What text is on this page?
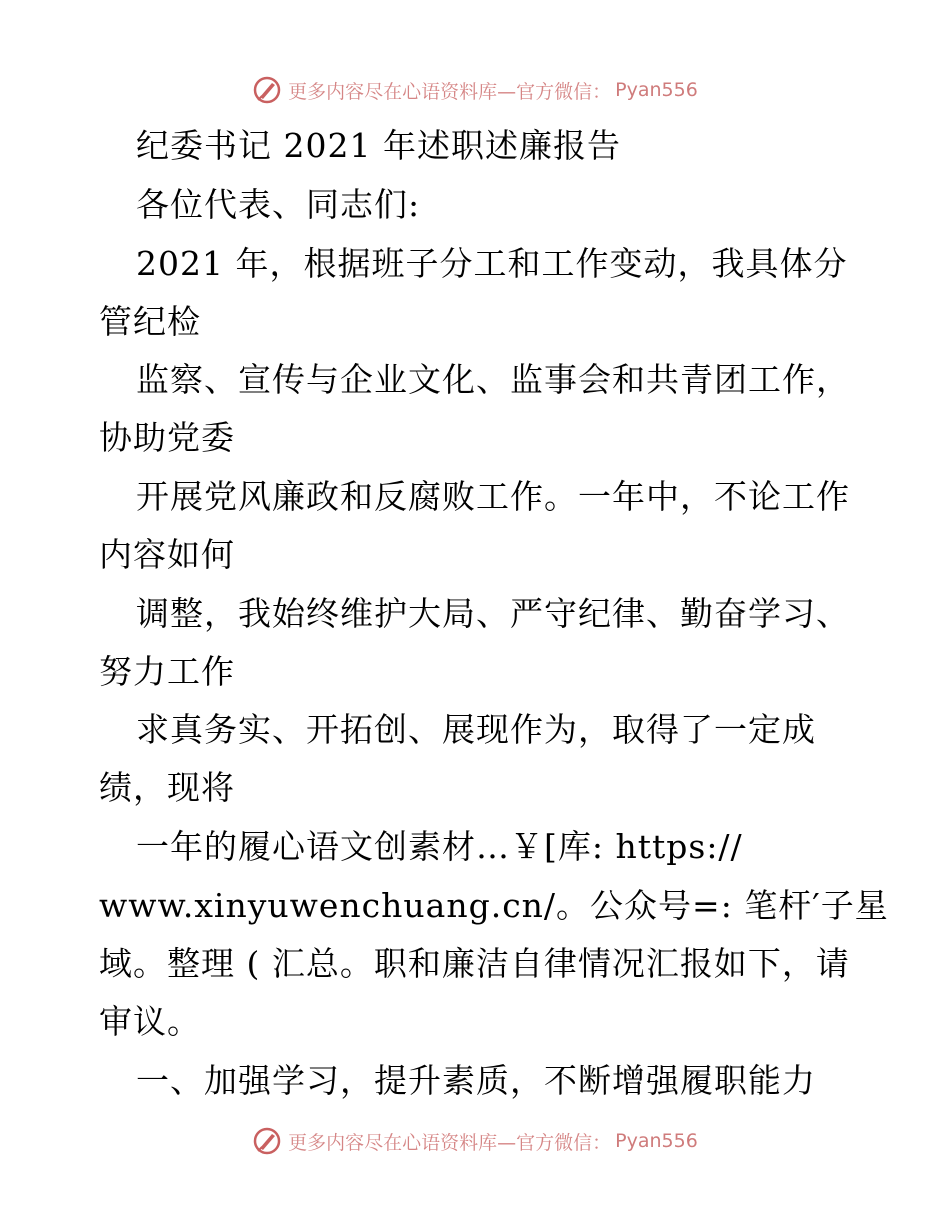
更多内容尽在心语资料库—官方微信： Pyan556
纪委书记 2021 年述职述廉报告
各位代表、同志们:
2021 年，根据班子分工和工作变动，我具体分
管纪检
监察、宣传与企业文化、监事会和共青团工作，
协助党委
开展党风廉政和反腐败工作。一年中，不论工作
内容如何
调整，我始终维护大局、严守纪律、勤奋学习、
努力工作
求真务实、开拓创、展现作为，取得了一定成
绩，现将
一年的履心语文创素材…￥[库: https://
www.xinyuwenchuang.cn/。公众号=: 笔杆′子星
域。整理 ( 汇总。职和廉洁自律情况汇报如下，请
审议。
一、加强学习，提升素质，不断增强履职能力
更多内容尽在心语资料库—官方微信： Pyan556
